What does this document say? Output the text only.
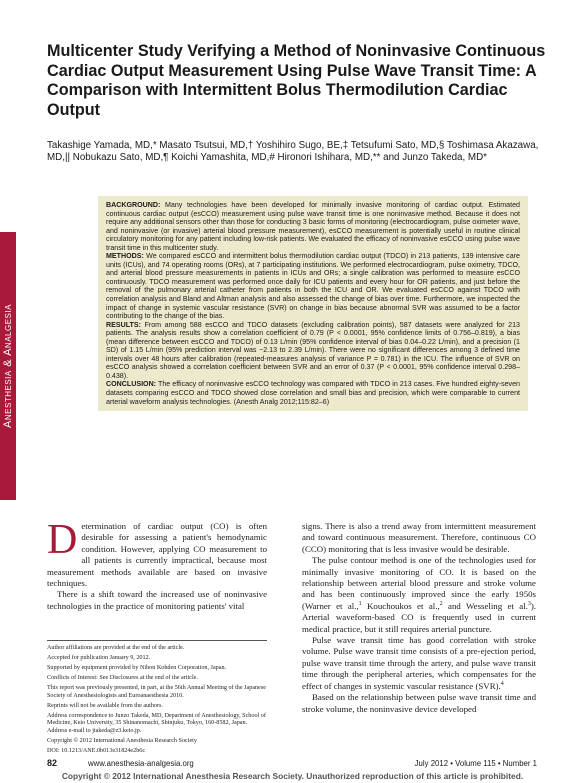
Anesthesia & Analgesia
Multicenter Study Verifying a Method of Noninvasive Continuous Cardiac Output Measurement Using Pulse Wave Transit Time: A Comparison with Intermittent Bolus Thermodilution Cardiac Output
Takashige Yamada, MD,* Masato Tsutsui, MD,† Yoshihiro Sugo, BE,‡ Tetsufumi Sato, MD,§ Toshimasa Akazawa, MD,|| Nobukazu Sato, MD,¶ Koichi Yamashita, MD,# Hironori Ishihara, MD,** and Junzo Takeda, MD*

BACKGROUND: Many technologies have been developed for minimally invasive monitoring of cardiac output. Estimated continuous cardiac output (esCCO) measurement using pulse wave transit time is one noninvasive method. Because it does not require any additional sensors other than those for conducting 3 basic forms of monitoring (electrocardiogram, pulse oximeter wave, and noninvasive (or invasive) arterial blood pressure measurement), esCCO measurement is potentially useful in routine clinical circulatory monitoring for any patient including low-risk patients. We evaluated the efficacy of noninvasive esCCO using pulse wave transit time in this multicenter study.

METHODS: We compared esCCO and intermittent bolus thermodilution cardiac output (TDCO) in 213 patients, 139 intensive care units (ICUs), and 74 operating rooms (ORs), at 7 participating institutions. We performed electrocardiogram, pulse oximetry, TDCO, and arterial blood pressure measurements in patients in ICUs and ORs; a single calibration was performed to measure esCCO continuously. TDCO measurement was performed once daily for ICU patients and every hour for OR patients, and just before the removal of the pulmonary arterial catheter from patients in both the ICU and OR. We evaluated esCCO against TDCO with correlation analysis and Bland and Altman analysis and also assessed the change of bias over time. Furthermore, we inspected the impact of change in systemic vascular resistance (SVR) on change in bias because abnormal SVR was assumed to be a factor contributing to the change of the bias.

RESULTS: From among 588 esCCO and TDCO datasets (excluding calibration points), 587 datasets were analyzed for 213 patients. The analysis results show a correlation coefficient of 0.79 (P < 0.0001, 95% confidence limits of 0.756–0.819), a bias (mean difference between esCCO and TDCO) of 0.13 L/min (95% confidence interval of bias 0.04–0.22 L/min), and a precision (1 SD) of 1.15 L/min (95% prediction interval was −2.13 to 2.39 L/min). There were no significant differences among 3 defined time intervals over 48 hours after calibration (repeated-measures analysis of variance P = 0.781) in the ICU. The influence of SVR on esCCO analysis showed a correlation coefficient between SVR and an error of 0.37 (P < 0.0001, 95% confidence interval 0.298–0.438).

CONCLUSION: The efficacy of noninvasive esCCO technology was compared with TDCO in 213 cases. Five hundred eighty-seven datasets comparing esCCO and TDCO showed close correlation and small bias and precision, which were comparable to current arterial waveform analysis technologies. (Anesth Analg 2012;115:82–6)

Determination of cardiac output (CO) is often desirable for assessing a patient's hemodynamic condition. However, applying CO measurement to all patients is currently impractical, because most measurement methods available are based on invasive techniques.

There is a shift toward the increased use of noninvasive technologies in the practice of monitoring patients' vital

Author affiliations are provided at the end of the article.

Accepted for publication January 9, 2012.

Supported by equipment provided by Nihon Kohden Corporation, Japan.

Conflicts of Interest: See Disclosures at the end of the article.

This report was previously presented, in part, at the 56th Annual Meeting of the Japanese Society of Anesthesiologists and Euroanaesthesia 2010.

Reprints will not be available from the authors.

Address correspondence to Junzo Takeda, MD, Department of Anesthesiology, School of Medicine, Keio University, 35 Shinanomachi, Shinjuku, Tokyo, 160-8582, Japan. Address e-mail to jtakeda@z3.keio.jp.

Copyright © 2012 International Anesthesia Research Society

DOI: 10.1213/ANE.0b013e31824e2b6c

signs. There is also a trend away from intermittent measurement and toward continuous measurement. Therefore, continuous CO (CCO) monitoring that is less invasive would be desirable.

The pulse contour method is one of the technologies used for minimally invasive monitoring of CO. It is based on the relationship between arterial blood pressure and stroke volume and has been continuously improved since the early 1950s (Warner et al.,$^1$ Kouchoukos et al.,$^2$ and Wesseling et al.$^3$). Arterial waveform-based CO is frequently used in current medical practice, but it still requires arterial puncture.

Pulse wave transit time has good correlation with stroke volume. Pulse wave transit time consists of a pre-ejection period, pulse wave transit time through the artery, and pulse wave transit time through the peripheral arteries, which compensates for the effect of changes in systemic vascular resistance (SVR).$^4$

Based on the relationship between pulse wave transit time and stroke volume, the noninvasive device developed

82	www.anesthesia-analgesia.org	July 2012 • Volume 115 • Number 1
Copyright © 2012 International Anesthesia Research Society. Unauthorized reproduction of this article is prohibited.
